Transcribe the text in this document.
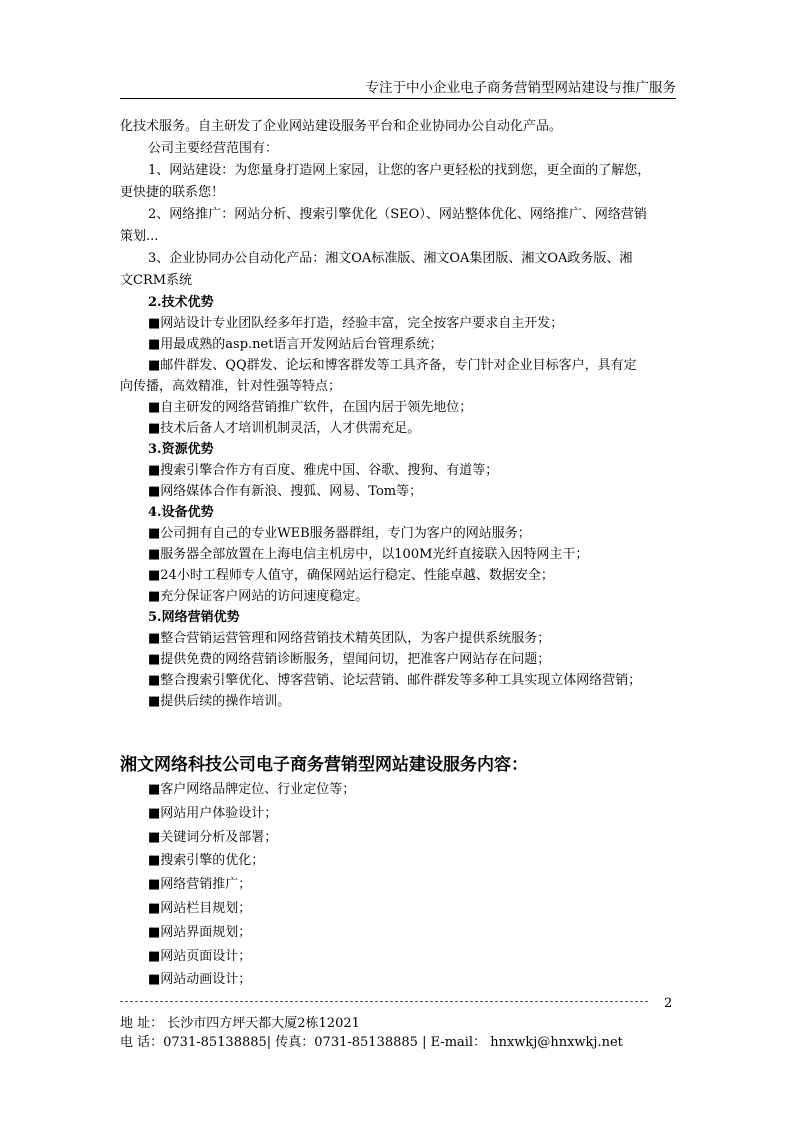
专注于中小企业电子商务营销型网站建设与推广服务

化技术服务。自主研发了企业网站建设服务平台和企业协同办公自动化产品。

公司主要经营范围有：

1、网站建设：为您量身打造网上家园，让您的客户更轻松的找到您，更全面的了解您，

更快捷的联系您！

2、网络推广：网站分析、搜索引擎优化（SEO）、网站整体优化、网络推广、网络营销

策划...

3、企业协同办公自动化产品：湘文OA标准版、湘文OA集团版、湘文OA政务版、湘

文CRM系统

2.技术优势
■网站设计专业团队经多年打造，经验丰富，完全按客户要求自主开发；
■用最成熟的asp.net语言开发网站后台管理系统；
■邮件群发、QQ群发、论坛和博客群发等工具齐备，专门针对企业目标客户，具有定
向传播，高效精准，针对性强等特点；
■自主研发的网络营销推广软件，在国内居于领先地位；
■技术后备人才培训机制灵活，人才供需充足。
3.资源优势
■搜索引擎合作方有百度、雅虎中国、谷歌、搜狗、有道等；
■网络媒体合作有新浪、搜狐、网易、Tom等；
4.设备优势
■公司拥有自己的专业WEB服务器群组，专门为客户的网站服务；
■服务器全部放置在上海电信主机房中，以100M光纤直接联入因特网主干；
■24小时工程师专人值守，确保网站运行稳定、性能卓越、数据安全；
■充分保证客户网站的访问速度稳定。
5.网络营销优势
■整合营销运营管理和网络营销技术精英团队，为客户提供系统服务；
■提供免费的网络营销诊断服务，望闻问切，把准客户网站存在问题；
■整合搜索引擎优化、博客营销、论坛营销、邮件群发等多种工具实现立体网络营销；
■提供后续的操作培训。
湘文网络科技公司电子商务营销型网站建设服务内容：
■客户网络品牌定位、行业定位等；
■网站用户体验设计；
■关键词分析及部署；
■搜索引擎的优化；
■网络营销推广；
■网站栏目规划；
■网站界面规划；
■网站页面设计；
■网站动画设计；
2
地 址： 长沙市四方坪天都大厦2栋12021
电 话：0731-85138885| 传真：0731-85138885 | E-mail： hnxwkj@hnxwkj.net
